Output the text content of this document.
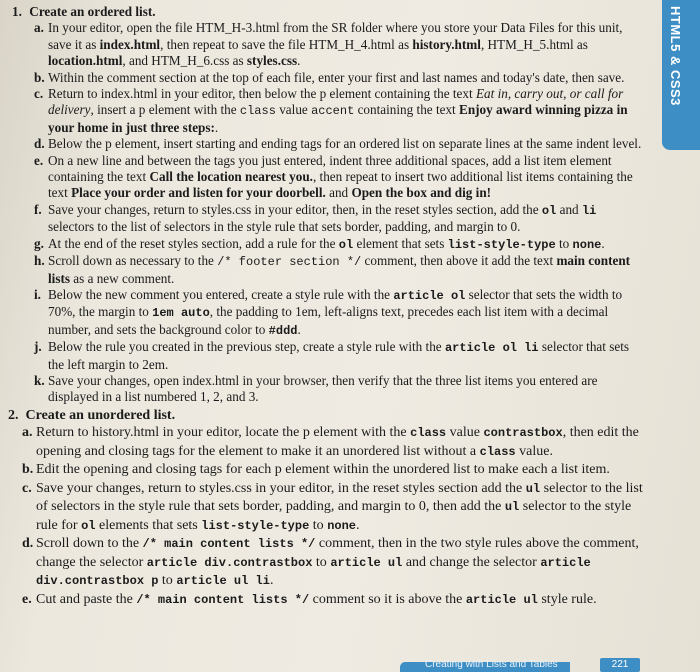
HTML5 & CSS3
1. Create an ordered list.
a. In your editor, open the file HTM_H-3.html from the SR folder where you store your Data Files for this unit, save it as index.html, then repeat to save the file HTM_H_4.html as history.html, HTM_H_5.html as location.html, and HTM_H_6.css as styles.css.
b. Within the comment section at the top of each file, enter your first and last names and today's date, then save.
c. Return to index.html in your editor, then below the p element containing the text Eat in, carry out, or call for delivery, insert a p element with the class value accent containing the text Enjoy award winning pizza in your home in just three steps:.
d. Below the p element, insert starting and ending tags for an ordered list on separate lines at the same indent level.
e. On a new line and between the tags you just entered, indent three additional spaces, add a list item element containing the text Call the location nearest you., then repeat to insert two additional list items containing the text Place your order and listen for your doorbell. and Open the box and dig in!
f. Save your changes, return to styles.css in your editor, then, in the reset styles section, add the ol and li selectors to the list of selectors in the style rule that sets border, padding, and margin to 0.
g. At the end of the reset styles section, add a rule for the ol element that sets list-style-type to none.
h. Scroll down as necessary to the /* footer section */ comment, then above it add the text main content lists as a new comment.
i. Below the new comment you entered, create a style rule with the article ol selector that sets the width to 70%, the margin to 1em auto, the padding to 1em, left-aligns text, precedes each list item with a decimal number, and sets the background color to #ddd.
j. Below the rule you created in the previous step, create a style rule with the article ol li selector that sets the left margin to 2em.
k. Save your changes, open index.html in your browser, then verify that the three list items you entered are displayed in a list numbered 1, 2, and 3.
2. Create an unordered list.
a. Return to history.html in your editor, locate the p element with the class value contrastbox, then edit the opening and closing tags for the element to make it an unordered list without a class value.
b. Edit the opening and closing tags for each p element within the unordered list to make each a list item.
c. Save your changes, return to styles.css in your editor, in the reset styles section add the ul selector to the list of selectors in the style rule that sets border, padding, and margin to 0, then add the ul selector to the style rule for ol elements that sets list-style-type to none.
d. Scroll down to the /* main content lists */ comment, then in the two style rules above the comment, change the selector article div.contrastbox to article ul and change the selector article div.contrastbox p to article ul li.
e. Cut and paste the /* main content lists */ comment so it is above the article ul style rule.
Creating with Lists and Tables	221
